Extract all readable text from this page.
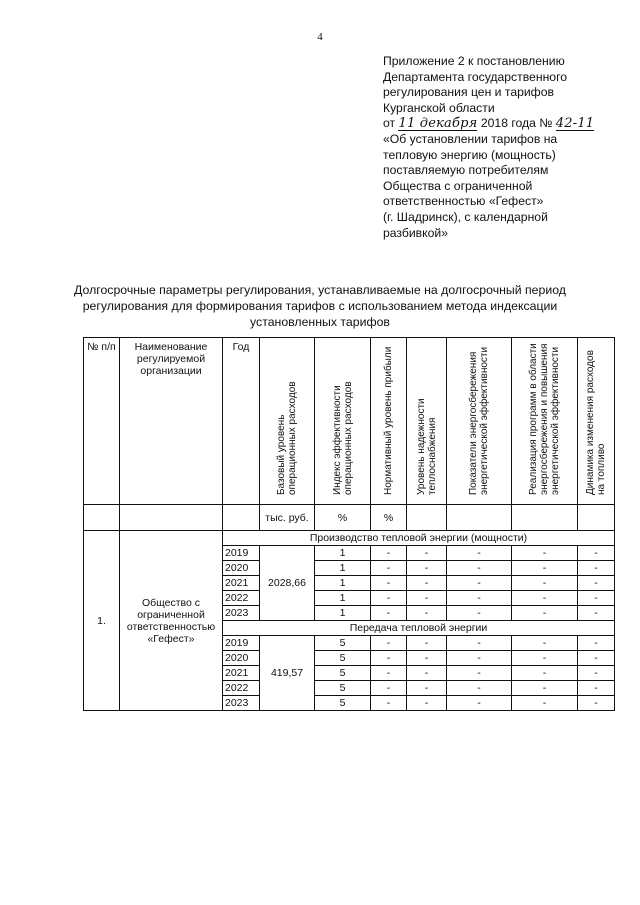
4
Приложение 2 к постановлению
Департамента государственного
регулирования цен и тарифов
Курганской области
от 11 декабря 2018 года № 42-11
«Об установлении тарифов на
тепловую энергию (мощность)
поставляемую потребителям
Общества с ограниченной
ответственностью «Гефест»
(г. Шадринск), с календарной
разбивкой»
Долгосрочные параметры регулирования, устанавливаемые на долгосрочный период
регулирования для формирования тарифов с использованием метода индексации
установленных тарифов
№ п/п	Наименование регулируемой организации	Год	Базовый уровень операционных расходов	Индекс эффективности операционных расходов	Нормативный уровень прибыли	Уровень надежности теплоснабжения	Показатели энергосбережения энергетической эффективности	Реализация программ в области энергосбережения и повышения энергетической эффективности	Динамика изменения расходов на топливо
			тыс. руб.	%	%				
1.	Общество с ограниченной ответственностью «Гефест»	Производство тепловой энергии (мощности)							
		2019	2028,66	1	-	-	-	-	-
		2020		1	-	-	-	-	-
		2021		1	-	-	-	-	-
		2022		1	-	-	-	-	-
		2023		1	-	-	-	-	-
		Передача тепловой энергии							
		2019	419,57	5	-	-	-	-	-
		2020		5	-	-	-	-	-
		2021		5	-	-	-	-	-
		2022		5	-	-	-	-	-
		2023		5	-	-	-	-	-
